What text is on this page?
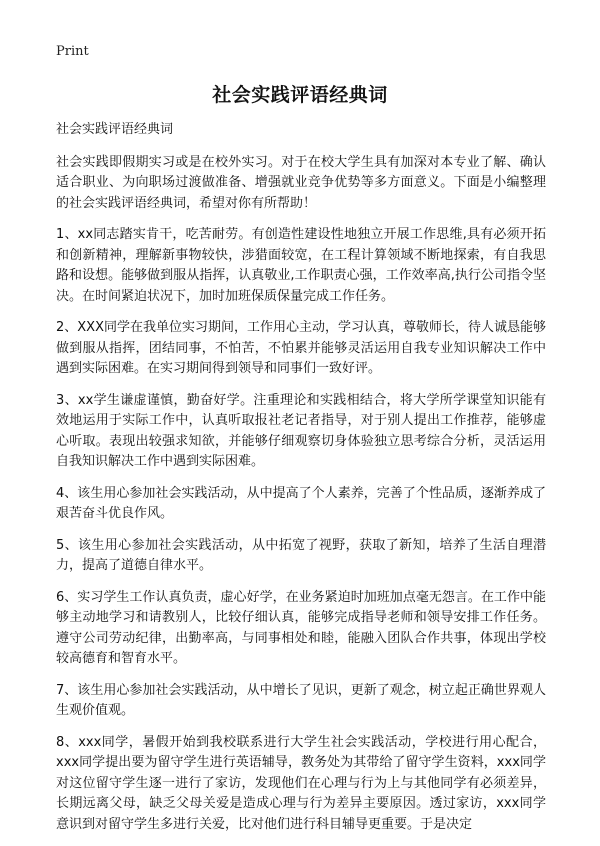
Print
社会实践评语经典词

社会实践评语经典词

社会实践即假期实习或是在校外实习。对于在校大学生具有加深对本专业了解、确认适合职业、为向职场过渡做准备、增强就业竞争优势等多方面意义。下面是小编整理的社会实践评语经典词，希望对你有所帮助！

1、xx同志踏实肯干，吃苦耐劳。有创造性建设性地独立开展工作思维,具有必须开拓和创新精神，理解新事物较快，涉猎面较宽，在工程计算领域不断地探索，有自我思路和设想。能够做到服从指挥，认真敬业,工作职责心强，工作效率高,执行公司指令坚决。在时间紧迫状况下，加时加班保质保量完成工作任务。

2、XXX同学在我单位实习期间，工作用心主动，学习认真，尊敬师长，待人诚恳能够做到服从指挥，团结同事，不怕苦，不怕累并能够灵活运用自我专业知识解决工作中遇到实际困难。在实习期间得到领导和同事们一致好评。

3、xx学生谦虚谨慎，勤奋好学。注重理论和实践相结合，将大学所学课堂知识能有效地运用于实际工作中，认真听取报社老记者指导，对于别人提出工作推荐，能够虚心听取。表现出较强求知欲，并能够仔细观察切身体验独立思考综合分析，灵活运用自我知识解决工作中遇到实际困难。

4、该生用心参加社会实践活动，从中提高了个人素养，完善了个性品质，逐渐养成了艰苦奋斗优良作风。

5、该生用心参加社会实践活动，从中拓宽了视野，获取了新知，培养了生活自理潜力，提高了道德自律水平。

6、实习学生工作认真负责，虚心好学，在业务紧迫时加班加点毫无怨言。在工作中能够主动地学习和请教别人，比较仔细认真，能够完成指导老师和领导安排工作任务。遵守公司劳动纪律，出勤率高，与同事相处和睦，能融入团队合作共事，体现出学校较高德育和智育水平。

7、该生用心参加社会实践活动，从中增长了见识，更新了观念，树立起正确世界观人生观价值观。

8、xxx同学，暑假开始到我校联系进行大学生社会实践活动，学校进行用心配合，xxx同学提出要为留守学生进行英语辅导，教务处为其带给了留守学生资料，xxx同学对这位留守学生逐一进行了家访，发现他们在心理与行为上与其他同学有必须差异，长期远离父母，缺乏父母关爱是造成心理与行为差异主要原因。透过家访，xxx同学意识到对留守学生多进行关爱，比对他们进行科目辅导更重要。于是决定
